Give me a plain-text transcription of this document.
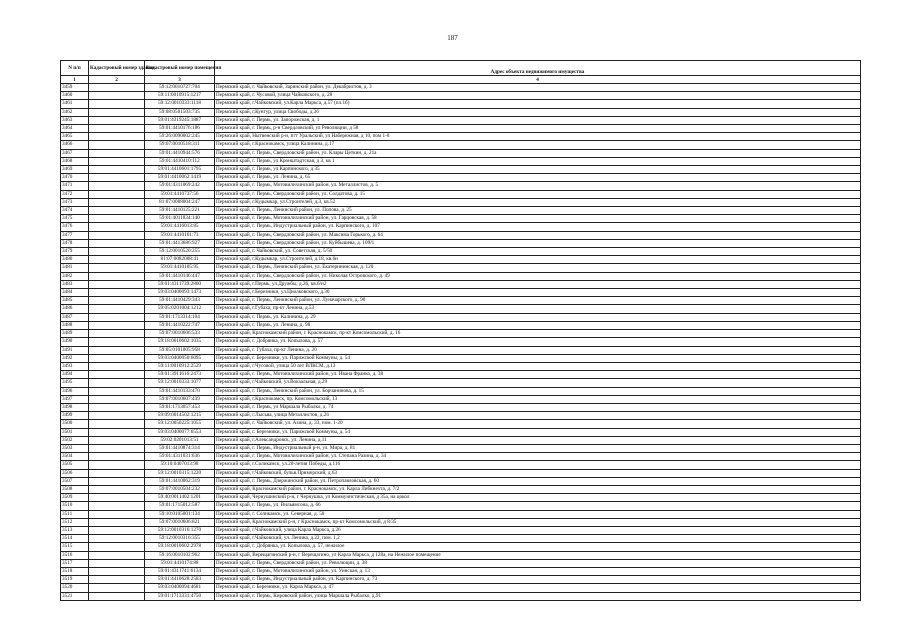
187
N п/п	Кадастровый номер здания	Кадастровый номер помещения	Адрес объекта недвижимого имущества
1	2	3	4
3459		59:12:0010727:704	Пермский край, г. Чайковский, Заринский район, ул. Декабристов, д. 3
3460		59:11:0010915:1217	Пермский край, г. Чусовой, улица Чайковского, д. 28
3461		59:12:0010333:1118	Пермский край, г.Чайковский, ул.Карла Маркса, д.57 (пл.1б)
3462		59:08:0501503:735	Пермский край, г.Кунгур, улица Свободы, д.36
3463		59:01:4319245:1887	Пермский край, г. Пермь, ул. Запорожская, д. 1
3464		59:01:4410176:186	Пермский край, г. Пермь, р-н Свердловский, ул Революции, д 58
3465		59:26:0090002:245	Пермский край, Нытвенский р-н, пгт Уральский, ул Набережная, д 10, пом 1-8
3466		59:07:0010518:311	Пермский край, г.Краснокамск, улица Калинина, д.17
3467		59:01:4410944:576	Пермский край, г. Пермь, Свердловский район, ул. Клары Цеткин, д. 21а
3468		59:01:4410410:112	Пермский край, г. Пермь, ул Кронштадтская, д 3, кв 1
3469		59:01:4410601:1795	Пермский край, г. Пермь, ул Карпинского, д 35
3470		59:01:4410062:1419	Пермский край, г. Пермь, ул. Ленина, д. 65
3471		59:01:4311069:242	Пермский край, г. Пермь, Мотовилихинский район, ул. Металлистов, д. 5
3472		59:01:4410737:56	Пермский край, г. Пермь, Свердловский район, ул. Солдатова, д. 15
3473		81:07:0088004:247	Пермский край, г.Кудымкар, ул.Строителей, д.3, кв.52
3474		59:01:4410125:221	Пермский край, г. Пермь, Ленинский район, ул. Попова, д. 25
3475		59:01:4011834:140	Пермский край, г. Пермь, Мотовилихинский район, ул. Гарцовская, д. 58
3476		59:01:4416013:85	Пермский край, г. Пермь, Индустриальный район, ул. Карпинского, д. 107
3477		59:01:4410161:73	Пермский край, г. Пермь, Свердловский район, ул. Максима Горького, д. 64
3478		59:01:4413686:927	Пермский край, г. Пермь, Свердловский район, ул. Куйбышева, д. 109/1
3479		59:12:0010520:255	Пермский край, г. Чайковский, ул. Советская, д. 5/50
3480		81:07:0082008:41	Пермский край, г.Кудымкар, ул.Строителей, д.18, кв.6н
3481		59:01:4410105:95	Пермский край, г. Пермь, Ленинский район, ул. Екатерининская, д. 120
3482		59:01:4410146:447	Пермский край, г. Пермь, Свердловский район, ул. Николая Островского, д. 49
3483		59:01:4311739:2800	Пермский край, г.Пермь, ул.Дружбы, д.26, кв.6/н2
3484		59:03:0400093:1473	Пермский край, г.Березники, ул.Циолковского, д.30
3485		59:01:4410429:343	Пермский край, г. Пермь, Ленинский район, ул. Луначарского, д. 90
3486		59:05:0201004:1212	Пермский край, г.Губаха, пр-кт Ленина, д.53
3487		59:01:1713314:104	Пермский край, г. Пермь, ул. Калинина, д. 29
3488		59:01:4410222:747	Пермский край, г. Пермь, ул. Ленина, д. 98
3489		59:07:0010606:533	Пермский край, Краснокамский район, г. Краснокамск, пр-кт Комсомольский, д. 16
3490		59:18:0010602:1035	Пермский край, г. Добрянка, ул. Копылова, д. 57
3491		59:05:0101005:958	Пермский край, г. Губаха, пр-кт Ленина, д. 20
3492		59:03:0400050:6095	Пермский край, г. Березники, ул. Парижской Коммуны, д. 54
3493		59:11:0010912:2529	Пермский край, г.Чусовой, улица 50 лет ВЛКСМ, д.13
3494		59:01:3911616:2473	Пермский край, г. Пермь, Мотовилихинский район, ул. Ивана Франко, д. 38
3495		59:12:0010333:1077	Пермский край, г.Чайковский, ул.Вокзальная, д.29
3496		59:01:4410133:470	Пермский край, г. Пермь, Ленинский район, ул. Борчанинова, д. 15
3497		59:07:0010607:439	Пермский край, г.Краснокамск, пр. Комсомольский, 13
3498		59:01:1713057:453	Пермский край, г. Пермь, ул Маршала Рыбалко, д. 74
3499		59:09:0014502:1215	Пермский край, г.Лысьва, улица Металлистов, д.26
3500		59:12:0050225:1055	Пермский край, г. Чайковский, ул. Азина, д. 33, пом. 1-20
3501		59:03:0400077:6553	Пермский край, г. Березники, ул. Парижской Коммуны, д. 54
3502		59:02:0201013:51	Пермский край, г.Александровск, ул. Ленина, д.11
3503		59:01:4410874:314	Пермский край, г. Пермь, Индустриальный р-н, ул. Мира, д. 81
3504		59:01:4311031:636	Пермский край, г. Пермь, Мотовилихинский район, ул. Степана Разина, д. 34
3505		59:10:0407013:98	Пермский край, г.Соликамск, ул.20-летия Победы, д.116
3506		59:12:0010315:1220	Пермский край, г.Чайковский, бульв.Приморский, д.63
3507		59:01:4410062:319	Пермский край, г. Пермь, Дзержинский район, ул. Петропавловская, д. 60
3508		59:07:0010504:232	Пермский край, Краснокамский район, г. Краснокамск, ул. Карла Либкнехта, д. 7/2
3509		59:40:0011402:1201	Пермский край, Чернушинский р-н, г Чернушка, ул Коммунистическая, д 35а, на цокол
3510		59:01:1715012:587	Пермский край, г. Пермь, ул. Вильямсона, д. 66
3511		59:10:0105001:134	Пермский край, г. Соликамск, ул. Северная, д. 50
3512		59:07:0010606:821	Пермский край, Краснокамский р-н, г Краснокамск, пр-кт Комсомольский, д 8/35
3513		59:12:0010316:1270	Пермский край, г.Чайковский, улица Карла Маркса, д.26
3514		59:12:0010316:355	Пермский край, г.Чайковский, ул. Ленина, д.22, пом. 1,2
3515		59:18:0010602:2978	Пермский край, г. Добрянка, ул. Копылова, д. 57, нежилое
3516		59:16:0010102:962	Пермский край, Верещагинский р-н, г Верещагино, ул Карла Маркса, д 128а, на Нежилое помещение
3517		59:01:4410174:88	Пермский край, г. Пермь, Свердловский район, ул. Революции, д. 38
3518		59:01:4311741:6134	Пермский край, г. Пермь, Мотовилихинский район, ул. Уинская, д. 13
3519		59:01:4410628:2583	Пермский край, г. Пермь, Индустриальный район, ул. Карпинского, д. 73
3520		59:03:0400094:4681	Пермский край, г. Березники, ул. Карла Маркса, д. 47
3521		59:01:1713331:4750	Пермский край, г. Пермь, Кировский район, улица Маршала Рыбалко, д.91
